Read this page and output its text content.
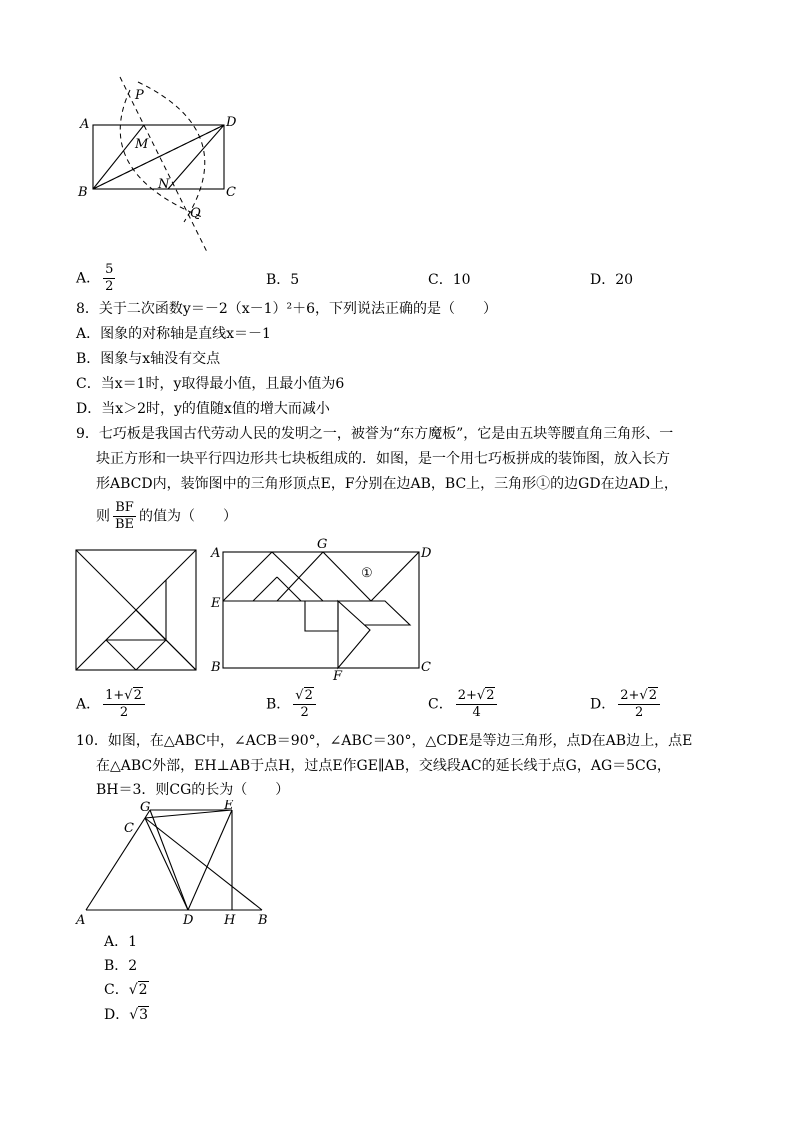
A
B	C
D
P
M
N
Q
A． $\frac{5}{2}$	B．5	C．10	D．20
8．关于二次函数y＝－2（x－1）²＋6，下列说法正确的是（　　）
A．图象的对称轴是直线x＝－1
B．图象与x轴没有交点
C．当x＝1时，y取得最小值，且最小值为6
D．当x＞2时，y的值随x值的增大而减小
9．七巧板是我国古代劳动人民的发明之一，被誉为“东方魔板”，它是由五块等腰直角三角形、一
块正方形和一块平行四边形共七块板组成的．如图，是一个用七巧板拼成的装饰图，放入长方
形ABCD内，装饰图中的三角形顶点E，F分别在边AB，BC上，三角形①的边GD在边AD上，
则 $\frac{BF}{BE}$ 的值为（　　）
A
E
B	C
D
G
F
①
A． $\frac{1+√2}{2}$	B． $\frac{√2}{2}$	C． $\frac{2+√2}{4}$	D． $\frac{2+√2}{2}$
10．如图，在△ABC中，∠ACB＝90°，∠ABC＝30°，△CDE是等边三角形，点D在AB边上，点E
在△ABC外部，EH⊥AB于点H，过点E作GE∥AB，交线段AC的延长线于点G，AG＝5CG，
BH＝3．则CG的长为（　　）
A	D H B
C
G	E
A．1
B．2
C．√2
D．√3
